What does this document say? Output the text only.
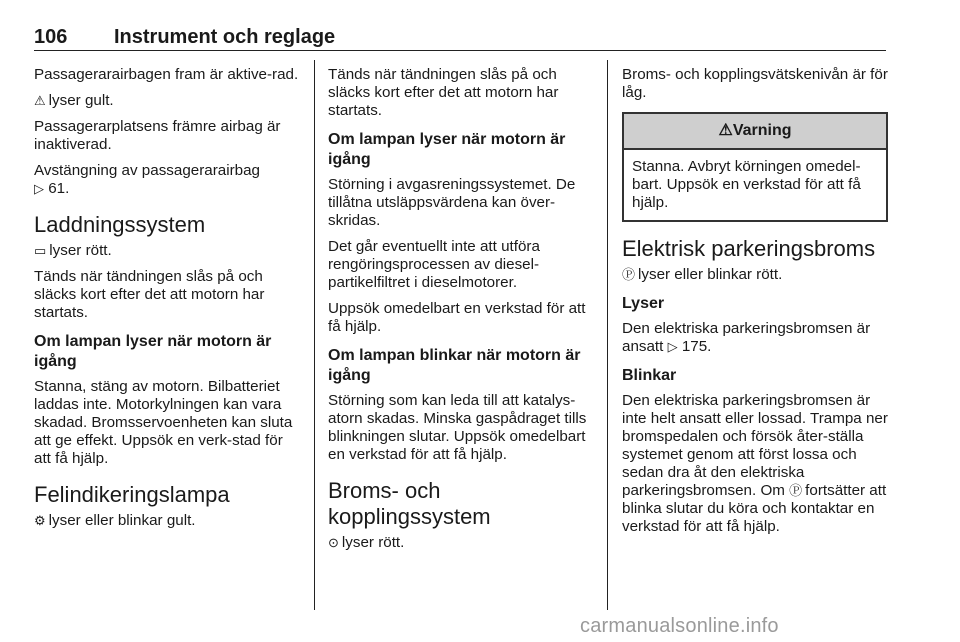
106 Instrument och reglage

Passagerarairbagen fram är aktive-rad.

⚠ lyser gult.

Passagerarplatsens främre airbag är inaktiverad.

Avstängning av passagerarairbag
▷ 61.

Laddningssystem

▭ lyser rött.

Tänds när tändningen slås på och släcks kort efter det att motorn har startats.

Om lampan lyser när motorn är igång

Stanna, stäng av motorn. Bilbatteriet laddas inte. Motorkylningen kan vara skadad. Bromsservoenheten kan sluta att ge effekt. Uppsök en verk-stad för att få hjälp.

Felindikeringslampa

⚙ lyser eller blinkar gult.

Tänds när tändningen slås på och släcks kort efter det att motorn har startats.

Om lampan lyser när motorn är igång

Störning i avgasreningssystemet. De tillåtna utsläppsvärdena kan över-skridas.

Det går eventuellt inte att utföra rengöringsprocessen av diesel-partikelfiltret i dieselmotorer.

Uppsök omedelbart en verkstad för att få hjälp.

Om lampan blinkar när motorn är igång

Störning som kan leda till att katalys-atorn skadas. Minska gaspådraget tills blinkningen slutar. Uppsök omedelbart en verkstad för att få hjälp.

Broms- och kopplingssystem

⊙ lyser rött.

Broms- och kopplingsvätskenivån är för låg.

⚠Varning
Stanna. Avbryt körningen omedel-bart. Uppsök en verkstad för att få hjälp.
Elektrisk parkeringsbroms

Ⓟ lyser eller blinkar rött.

Lyser

Den elektriska parkeringsbromsen är ansatt ▷ 175.

Blinkar

Den elektriska parkeringsbromsen är inte helt ansatt eller lossad. Trampa ner bromspedalen och försök åter-ställa systemet genom att först lossa och sedan dra åt den elektriska parkeringsbromsen. Om Ⓟ fortsätter att blinka slutar du köra och kontaktar en verkstad för att få hjälp.

carmanualsonline.info
